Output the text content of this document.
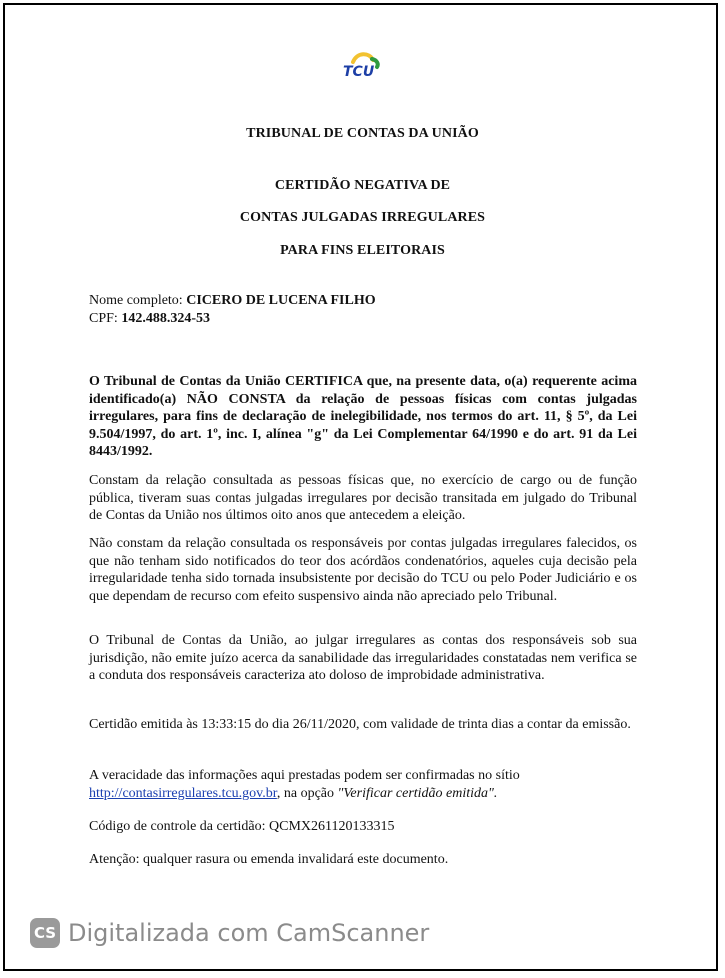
TCU
TRIBUNAL DE CONTAS DA UNIÃO
CERTIDÃO NEGATIVA DE
CONTAS JULGADAS IRREGULARES
PARA FINS ELEITORAIS
Nome completo: CICERO DE LUCENA FILHO
CPF: 142.488.324-53
O Tribunal de Contas da União CERTIFICA que, na presente data, o(a) requerente acima identificado(a) NÃO CONSTA da relação de pessoas físicas com contas julgadas irregulares, para fins de declaração de inelegibilidade, nos termos do art. 11, § 5º, da Lei 9.504/1997, do art. 1º, inc. I, alínea "g" da Lei Complementar 64/1990 e do art. 91 da Lei 8443/1992.
Constam da relação consultada as pessoas físicas que, no exercício de cargo ou de função pública, tiveram suas contas julgadas irregulares por decisão transitada em julgado do Tribunal de Contas da União nos últimos oito anos que antecedem a eleição.
Não constam da relação consultada os responsáveis por contas julgadas irregulares falecidos, os que não tenham sido notificados do teor dos acórdãos condenatórios, aqueles cuja decisão pela irregularidade tenha sido tornada insubsistente por decisão do TCU ou pelo Poder Judiciário e os que dependam de recurso com efeito suspensivo ainda não apreciado pelo Tribunal.
O Tribunal de Contas da União, ao julgar irregulares as contas dos responsáveis sob sua jurisdição, não emite juízo acerca da sanabilidade das irregularidades constatadas nem verifica se a conduta dos responsáveis caracteriza ato doloso de improbidade administrativa.
Certidão emitida às 13:33:15 do dia 26/11/2020, com validade de trinta dias a contar da emissão.
A veracidade das informações aqui prestadas podem ser confirmadas no sítio
http://contasirregulares.tcu.gov.br, na opção "Verificar certidão emitida".
Código de controle da certidão: QCMX261120133315
Atenção: qualquer rasura ou emenda invalidará este documento.
CS Digitalizada com CamScanner
